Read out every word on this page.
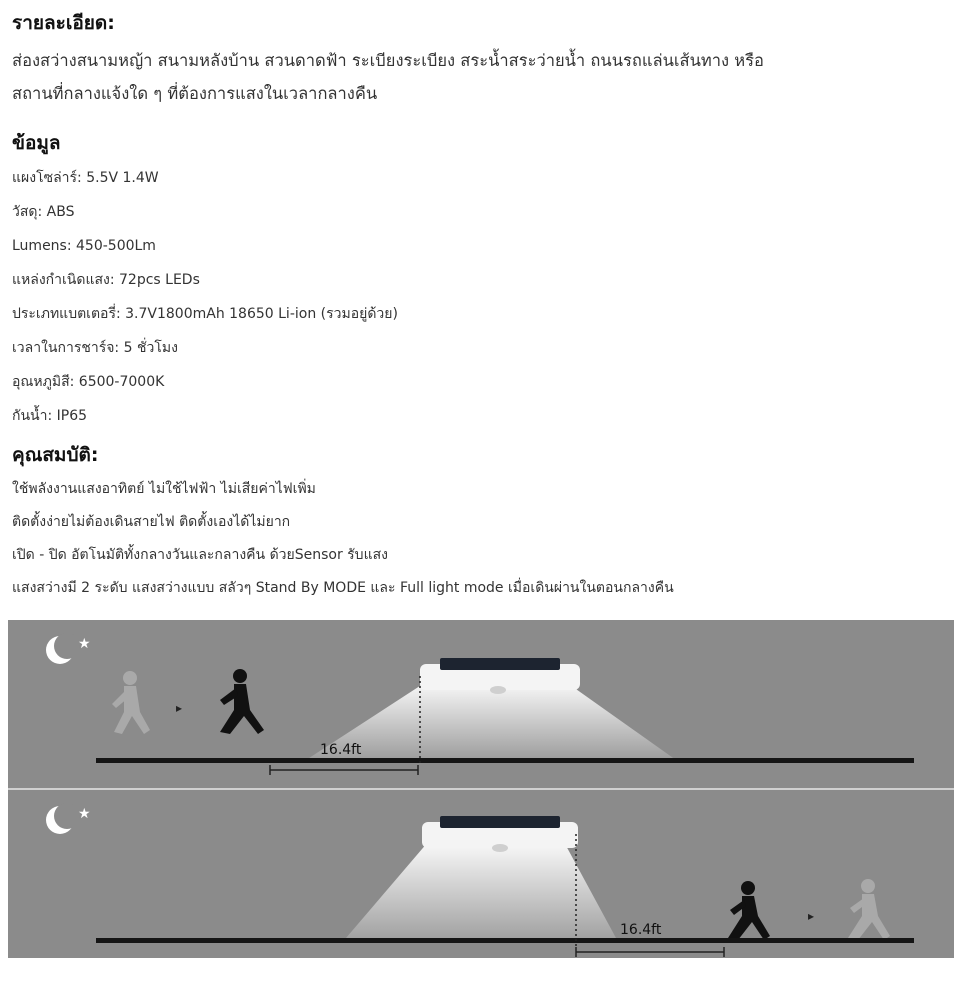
รายละเอียด:
ส่องสว่างสนามหญ้า สนามหลังบ้าน สวนดาดฟ้า ระเบียงระเบียง สระน้ำสระว่ายน้ำ ถนนรถแล่นเส้นทาง หรือ
สถานที่กลางแจ้งใด ๆ ที่ต้องการแสงในเวลากลางคืน
ข้อมูล
แผงโซล่าร์: 5.5V 1.4W
วัสดุ: ABS
Lumens: 450-500Lm
แหล่งกำเนิดแสง: 72pcs LEDs
ประเภทแบตเตอรี่: 3.7V1800mAh 18650 Li-ion (รวมอยู่ด้วย)
เวลาในการชาร์จ: 5 ชั่วโมง
อุณหภูมิสี: 6500-7000K
กันน้ำ: IP65
คุณสมบัติ:
ใช้พลังงานแสงอาทิตย์ ไม่ใช้ไฟฟ้า ไม่เสียค่าไฟเพิ่ม
ติดตั้งง่ายไม่ต้องเดินสายไฟ ติดตั้งเองได้ไม่ยาก
เปิด - ปิด อัตโนมัติทั้งกลางวันและกลางคืน ด้วยSensor รับแสง
แสงสว่างมี 2 ระดับ แสงสว่างแบบ สลัวๆ Stand By MODE และ Full light mode เมื่อเดินผ่านในตอนกลางคืน
★
▸
16.4ft
★
▸
16.4ft
